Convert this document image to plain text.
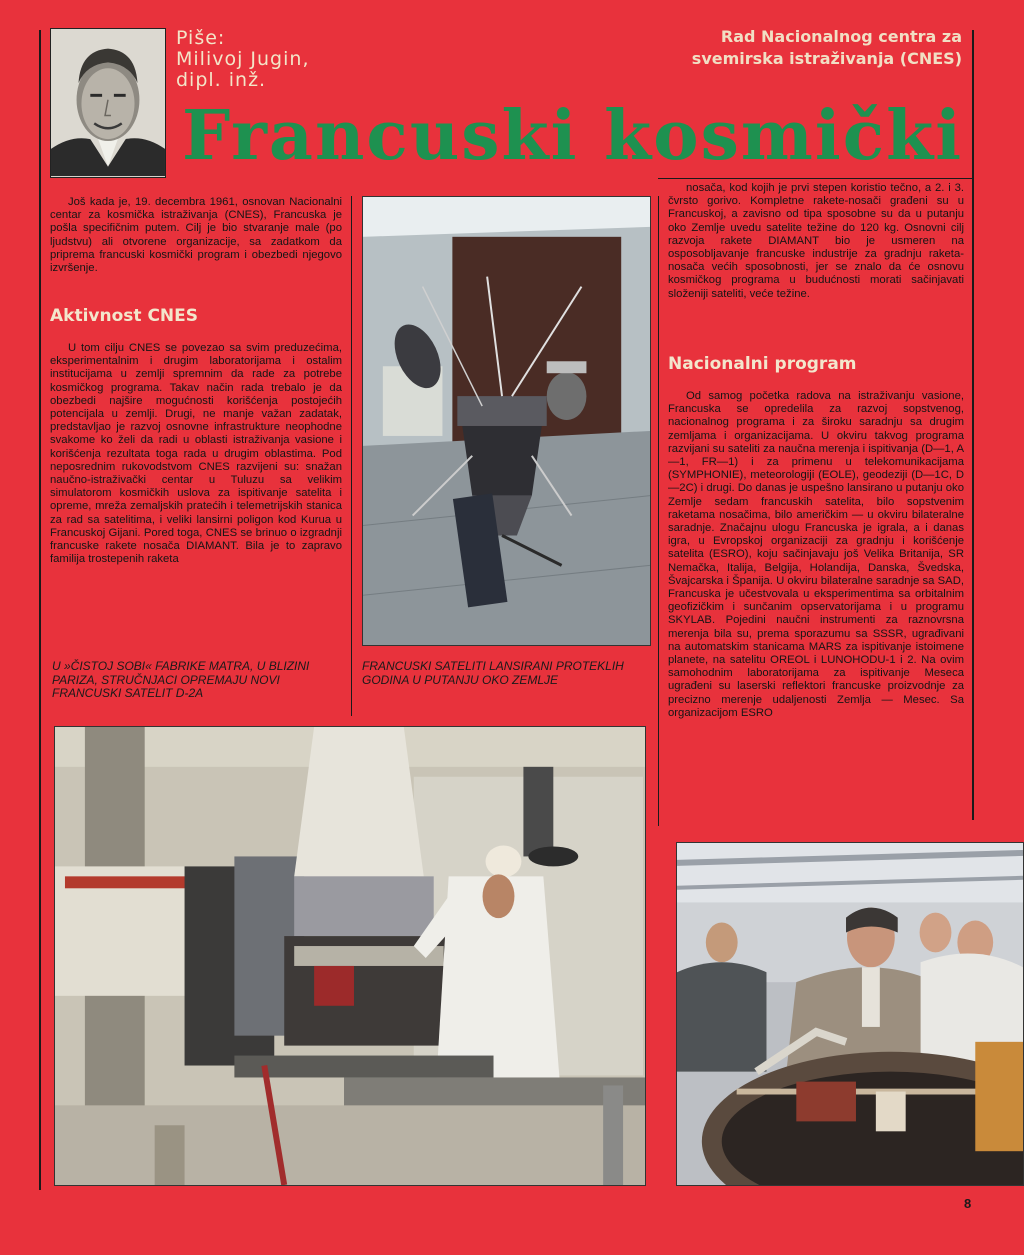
Piše:
Milivoj Jugin,
dipl. inž.
Rad Nacionalnog centra za
svemirska istraživanja (CNES)
Francuski kosmički

Još kada je, 19. decembra 1961, osnovan Nacionalni centar za kosmička istraživanja (CNES), Francuska je pošla specifičnim putem. Cilj je bio stvaranje male (po ljudstvu) ali otvorene organizacije, sa zadatkom da priprema francuski kosmički program i obezbedi njegovo izvršenje.

Aktivnost CNES

U tom cilju CNES se povezao sa svim preduzećima, eksperimentalnim i drugim laboratorijama i ostalim institucijama u zemlji spremnim da rade za potrebe kosmičkog programa. Takav način rada trebalo je da obezbedi najšire mogućnosti korišćenja postojećih potencijala u zemlji. Drugi, ne manje važan zadatak, predstavljao je razvoj osnovne infrastrukture neophodne svakome ko želi da radi u oblasti istraživanja vasione i korišćenja rezultata toga rada u drugim oblastima. Pod neposrednim rukovodstvom CNES razvijeni su: snažan naučno-istraživački centar u Tuluzu sa velikim simulatorom kosmičkih uslova za ispitivanje satelita i opreme, mreža zemaljskih pratećih i telemetrijskih stanica za rad sa satelitima, i veliki lansirni poligon kod Kurua u Francuskoj Gijani. Pored toga, CNES se brinuo o izgradnji francuske rakete nosača DIAMANT. Bila je to zapravo familija trostepenih raketa

U »ČISTOJ SOBI« FABRIKE MATRA, U BLIZINI PARIZA, STRUČNJACI OPREMAJU NOVI FRANCUSKI SATELIT D-2A
FRANCUSKI SATELITI LANSIRANI PROTEKLIH GODINA U PUTANJU OKO ZEMLJE

nosača, kod kojih je prvi stepen koristio tečno, a 2. i 3. čvrsto gorivo. Kompletne rakete-nosači građeni su u Francuskoj, a zavisno od tipa sposobne su da u putanju oko Zemlje uvedu satelite težine do 120 kg. Osnovni cilj razvoja rakete DIAMANT bio je usmeren na osposobljavanje francuske industrije za gradnju raketa-nosača većih sposobnosti, jer se znalo da će osnovu kosmičkog programa u budućnosti morati sačinjavati složeniji sateliti, veće težine.

Nacionalni program

Od samog početka radova na istraživanju vasione, Francuska se opredelila za razvoj sopstvenog, nacionalnog programa i za široku saradnju sa drugim zemljama i organizacijama. U okviru takvog programa razvijani su sateliti za naučna merenja i ispitivanja (D—1, A—1, FR—1) i za primenu u telekomunikacijama (SYMPHONIE), meteorologiji (EOLE), geodeziji (D—1C, D—2C) i drugi. Do danas je uspešno lansirano u putanju oko Zemlje sedam francuskih satelita, bilo sopstvenim raketama nosačima, bilo američkim — u okviru bilateralne saradnje. Značajnu ulogu Francuska je igrala, a i danas igra, u Evropskoj organizaciji za gradnju i korišćenje satelita (ESRO), koju sačinjavaju još Velika Britanija, SR Nemačka, Italija, Belgija, Holandija, Danska, Švedska, Švajcarska i Španija. U okviru bilateralne saradnje sa SAD, Francuska je učestvovala u eksperimentima sa orbitalnim geofizičkim i sunčanim opservatorijama i u programu SKYLAB. Pojedini naučni instrumenti za raznovrsna merenja bila su, prema sporazumu sa SSSR, ugrađivani na automatskim stanicama MARS za ispitivanje istoimene planete, na satelitu OREOL i LUNOHODU-1 i 2. Na ovim samohodnim laboratorijama za ispitivanje Meseca ugrađeni su laserski reflektori francuske proizvodnje za precizno merenje udaljenosti Zemlja — Mesec. Sa organizacijom ESRO

8
